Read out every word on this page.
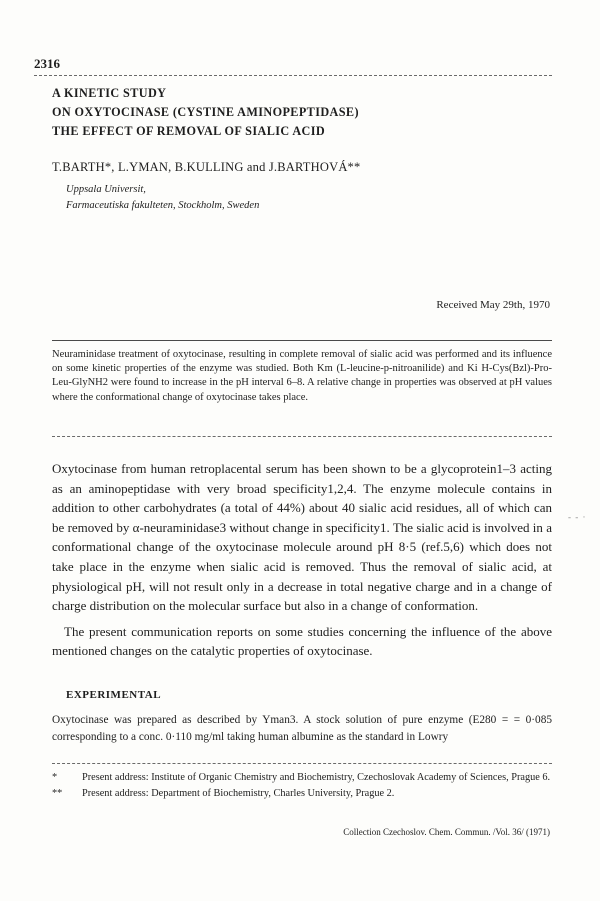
2316
A KINETIC STUDY
ON OXYTOCINASE (CYSTINE AMINOPEPTIDASE)
THE EFFECT OF REMOVAL OF SIALIC ACID
T.BARTH*, L.YMAN, B.KULLING and J.BARTHOVÁ**
Uppsala Universit,
Farmaceutiska fakulteten, Stockholm, Sweden
Received May 29th, 1970
Neuraminidase treatment of oxytocinase, resulting in complete removal of sialic acid was performed and its influence on some kinetic properties of the enzyme was studied. Both Km (L-leucine-p-nitroanilide) and Ki H-Cys(Bzl)-Pro-Leu-GlyNH2 were found to increase in the pH interval 6–8. A relative change in properties was observed at pH values where the conformational change of oxytocinase takes place.

Oxytocinase from human retroplacental serum has been shown to be a glycoprotein1–3 acting as an aminopeptidase with very broad specificity1,2,4. The enzyme molecule contains in addition to other carbohydrates (a total of 44%) about 40 sialic acid residues, all of which can be removed by α-neuraminidase3 without change in specificity1. The sialic acid is involved in a conformational change of the oxytocinase molecule around pH 8·5 (ref.5,6) which does not take place in the enzyme when sialic acid is removed. Thus the removal of sialic acid, at physiological pH, will not result only in a decrease in total negative charge and in a change of charge distribution on the molecular surface but also in a change of conformation.

The present communication reports on some studies concerning the influence of the above mentioned changes on the catalytic properties of oxytocinase.

- - ·
EXPERIMENTAL
Oxytocinase was prepared as described by Yman3. A stock solution of pure enzyme (E280 = = 0·085 corresponding to a conc. 0·110 mg/ml taking human albumine as the standard in Lowry
* Present address: Institute of Organic Chemistry and Biochemistry, Czechoslovak Academy of Sciences, Prague 6.
** Present address: Department of Biochemistry, Charles University, Prague 2.
Collection Czechoslov. Chem. Commun. /Vol. 36/ (1971)
